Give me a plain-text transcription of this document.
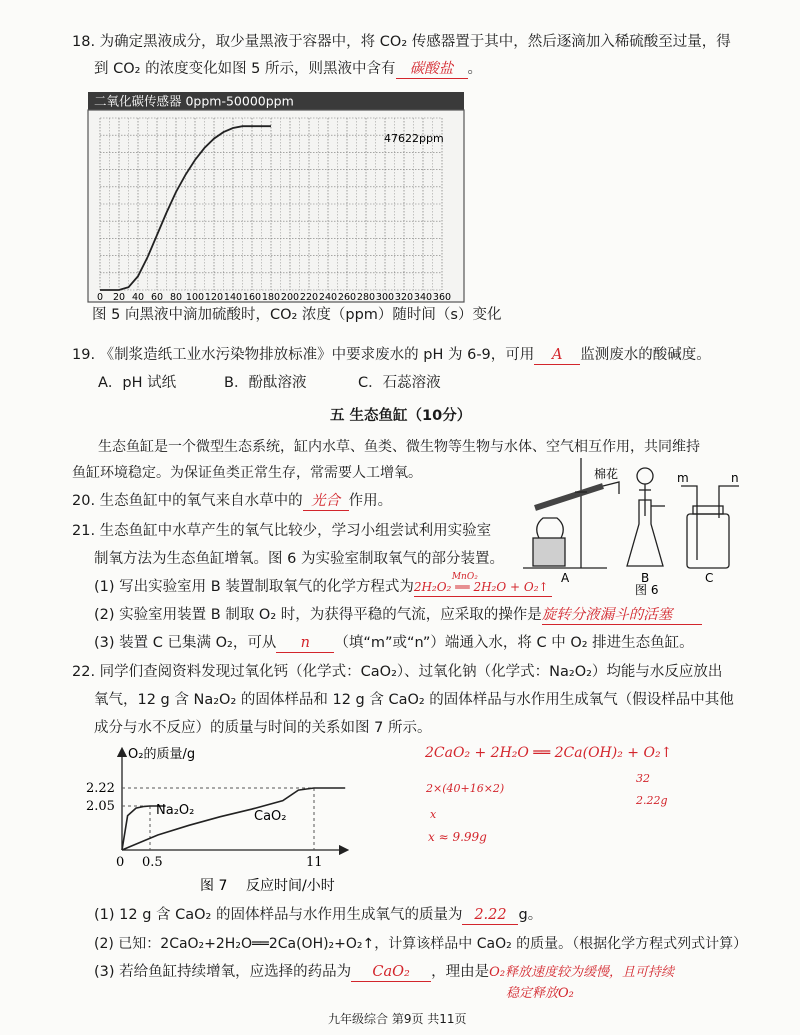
18. 为确定黑液成分，取少量黑液于容器中，将 CO₂ 传感器置于其中，然后逐滴加入稀硫酸至过量，得
到 CO₂ 的浓度变化如图 5 所示，则黑液中含有 碳酸盐 。
二氧化碳传感器 0ppm-50000ppm
0 20 40 60 80 100 120 140 160 180 200 220 240 260 280 300 320 340 360
47622ppm
图 5 向黑液中滴加硫酸时，CO₂ 浓度（ppm）随时间（s）变化
19. 《制浆造纸工业水污染物排放标准》中要求废水的 pH 为 6-9，可用 A 监测废水的酸碱度。
A．pH 试纸	B．酚酞溶液	C．石蕊溶液
五 生态鱼缸（10分）
生态鱼缸是一个微型生态系统，缸内水草、鱼类、微生物等生物与水体、空气相互作用，共同维持
鱼缸环境稳定。为保证鱼类正常生存，常需要人工增氧。
20. 生态鱼缸中的氧气来自水草中的 光合 作用。
21. 生态鱼缸中水草产生的氧气比较少，学习小组尝试利用实验室
制氧方法为生态鱼缸增氧。图 6 为实验室制取氧气的部分装置。
(1) 写出实验室用 B 装置制取氧气的化学方程式为
MnO₂
2H₂O₂ ══ 2H₂O + O₂↑
(2) 实验室用装置 B 制取 O₂ 时，为获得平稳的气流，应采取的操作是旋转分液漏斗的活塞
(3) 装置 C 已集满 O₂，可从 n （填“m”或“n”）端通入水，将 C 中 O₂ 排进生态鱼缸。
棉花
A	B	C
m	n
图 6
22. 同学们查阅资料发现过氧化钙（化学式：CaO₂）、过氧化钠（化学式：Na₂O₂）均能与水反应放出
氧气，12 g 含 Na₂O₂ 的固体样品和 12 g 含 CaO₂ 的固体样品与水作用生成氧气（假设样品中其他
成分与水不反应）的质量与时间的关系如图 7 所示。
O₂的质量/g
2.22
2.05
0 0.5	11
Na₂O₂	CaO₂
图 7 反应时间/小时
2CaO₂ + 2H₂O ══ 2Ca(OH)₂ + O₂↑
2×(40+16×2)
32
x
2.22g
x ≈ 9.99g
(1) 12 g 含 CaO₂ 的固体样品与水作用生成氧气的质量为 2.22 g。
(2) 已知：2CaO₂+2H₂O══2Ca(OH)₂+O₂↑，计算该样品中 CaO₂ 的质量。（根据化学方程式列式计算）
(3) 若给鱼缸持续增氧，应选择的药品为 CaO₂ ，理由是O₂释放速度较为缓慢，且可持续
稳定释放O₂
九年级综合 第9页 共11页
